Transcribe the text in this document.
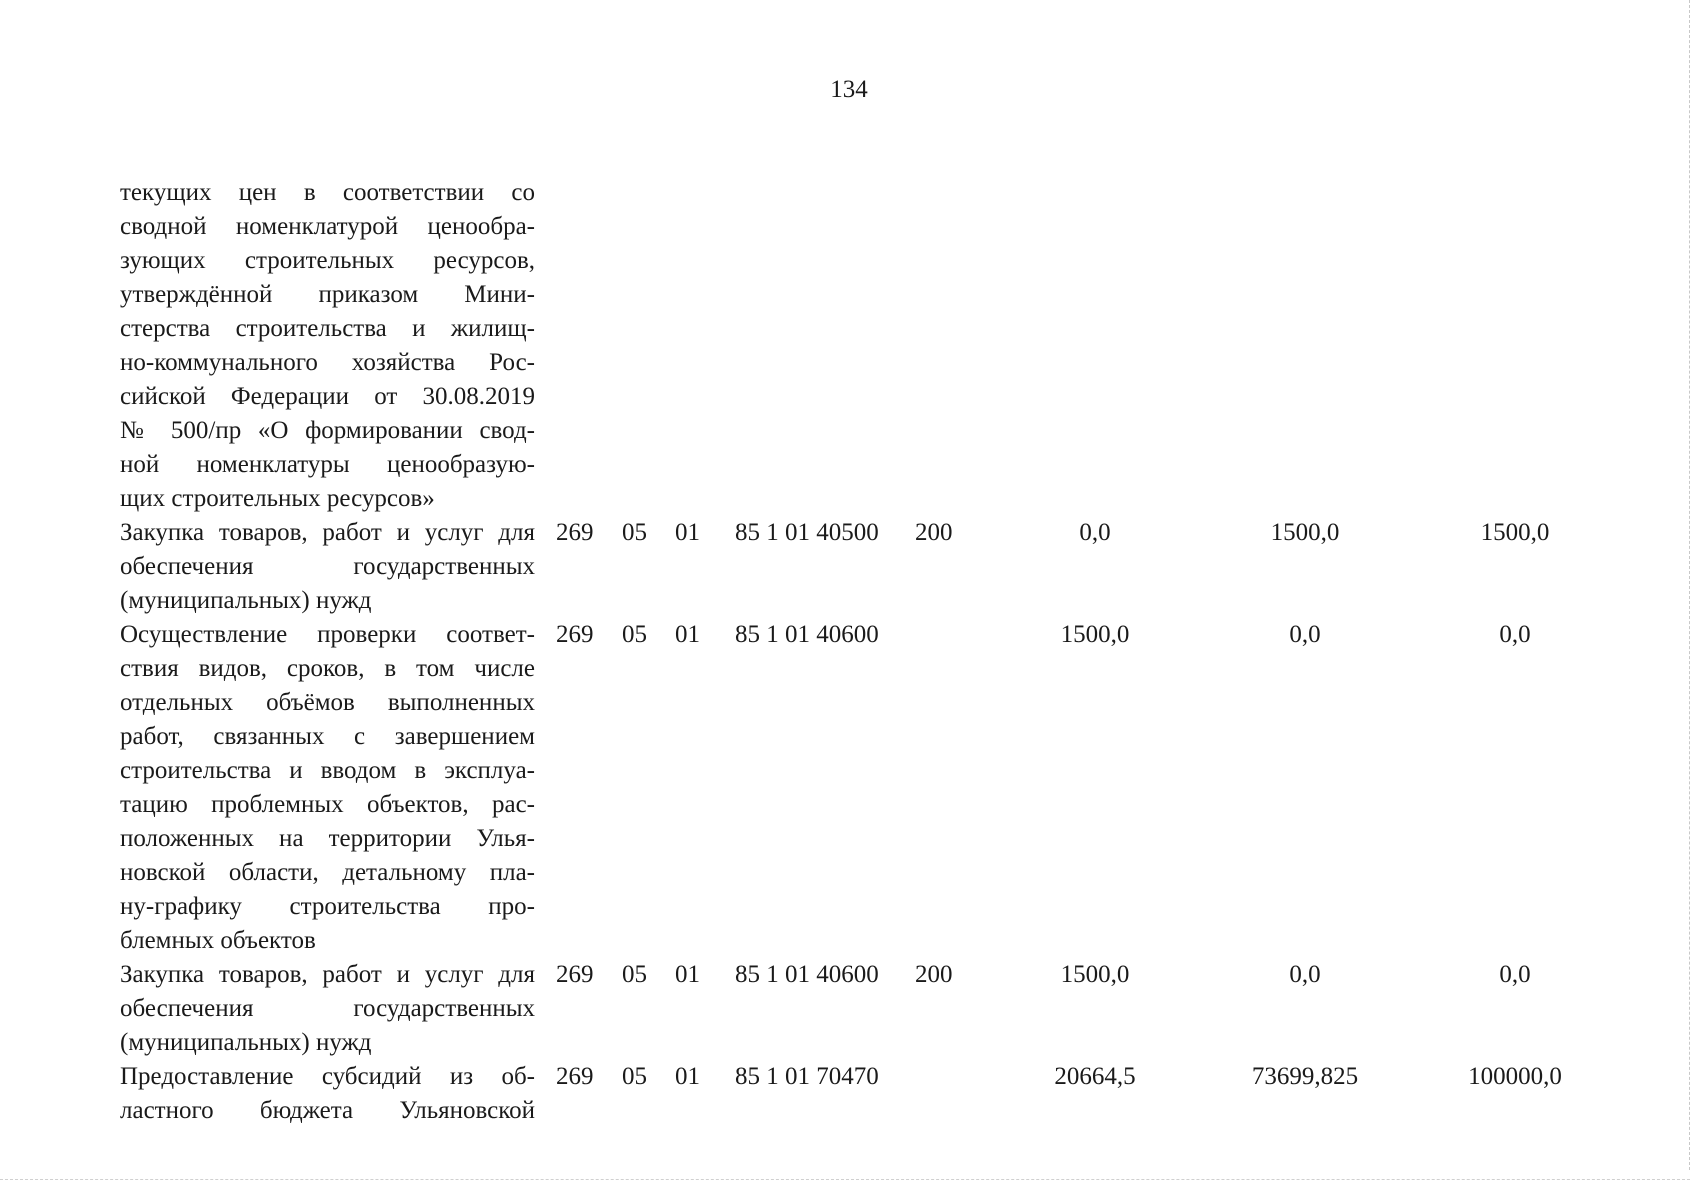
134
текущих цен в соответствии со
сводной номенклатурой ценообра-
зующих строительных ресурсов,
утверждённой приказом Мини-
стерства строительства и жилищ-
но-коммунального хозяйства Рос-
сийской Федерации от 30.08.2019
№ 500/пр «О формировании свод-
ной номенклатуры ценообразую-
щих строительных ресурсов»
Закупка товаров, работ и услуг для
обеспечения государственных
(муниципальных) нужд
269 05 01 85 1 01 40500 200	0,0	1500,0	1500,0
Осуществление проверки соответ-
ствия видов, сроков, в том числе
отдельных объёмов выполненных
работ, связанных с завершением
строительства и вводом в эксплуа-
тацию проблемных объектов, рас-
положенных на территории Улья-
новской области, детальному пла-
ну-графику строительства про-
блемных объектов
269 05 01 85 1 01 40600	1500,0	0,0	0,0
Закупка товаров, работ и услуг для
обеспечения государственных
(муниципальных) нужд
269 05 01 85 1 01 40600 200	1500,0	0,0	0,0
Предоставление субсидий из об-
ластного бюджета Ульяновской
269 05 01 85 1 01 70470	20664,5	73699,825	100000,0
